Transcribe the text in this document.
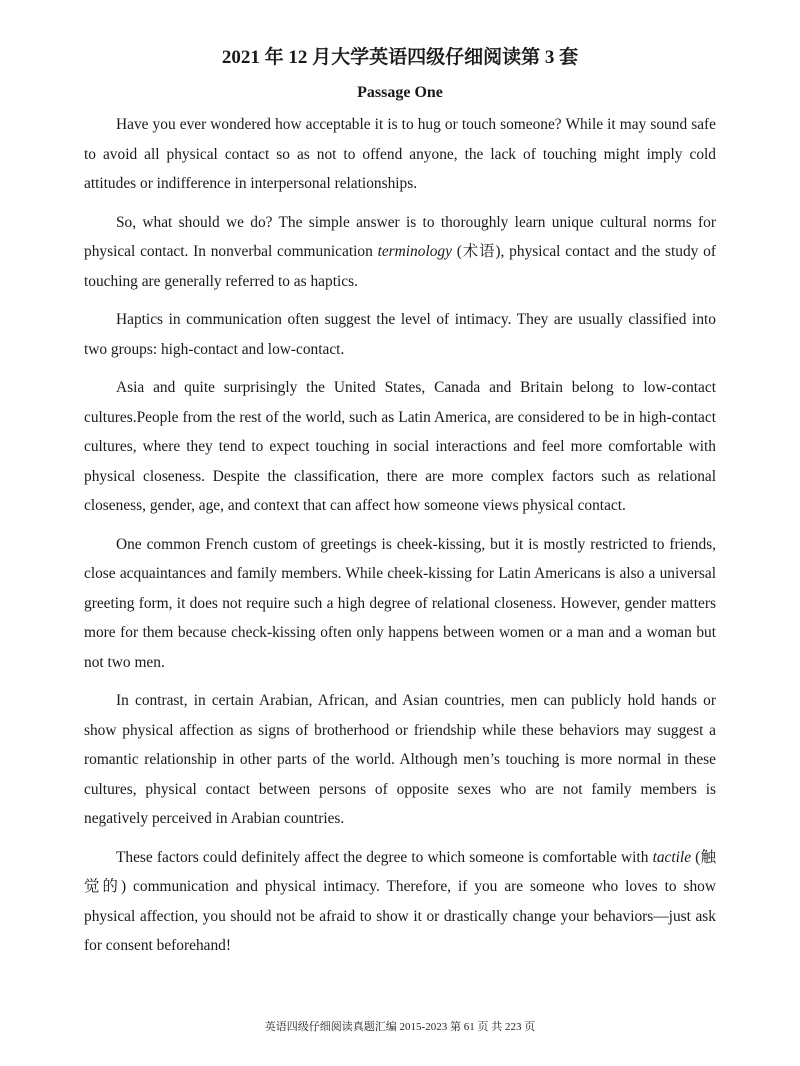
2021 年 12 月大学英语四级仔细阅读第 3 套
Passage One

Have you ever wondered how acceptable it is to hug or touch someone? While it may sound safe to avoid all physical contact so as not to offend anyone, the lack of touching might imply cold attitudes or indifference in interpersonal relationships.

So, what should we do? The simple answer is to thoroughly learn unique cultural norms for physical contact. In nonverbal communication terminology (术语), physical contact and the study of touching are generally referred to as haptics.

Haptics in communication often suggest the level of intimacy. They are usually classified into two groups: high-contact and low-contact.

Asia and quite surprisingly the United States, Canada and Britain belong to low-contact cultures.People from the rest of the world, such as Latin America, are considered to be in high-contact cultures, where they tend to expect touching in social interactions and feel more comfortable with physical closeness. Despite the classification, there are more complex factors such as relational closeness, gender, age, and context that can affect how someone views physical contact.

One common French custom of greetings is cheek-kissing, but it is mostly restricted to friends, close acquaintances and family members. While cheek-kissing for Latin Americans is also a universal greeting form, it does not require such a high degree of relational closeness. However, gender matters more for them because check-kissing often only happens between women or a man and a woman but not two men.

In contrast, in certain Arabian, African, and Asian countries, men can publicly hold hands or show physical affection as signs of brotherhood or friendship while these behaviors may suggest a romantic relationship in other parts of the world. Although men’s touching is more normal in these cultures, physical contact between persons of opposite sexes who are not family members is negatively perceived in Arabian countries.

These factors could definitely affect the degree to which someone is comfortable with tactile (触觉的) communication and physical intimacy. Therefore, if you are someone who loves to show physical affection, you should not be afraid to show it or drastically change your behaviors—just ask for consent beforehand!

英语四级仔细阅读真题汇编 2015-2023 第 61 页 共 223 页
